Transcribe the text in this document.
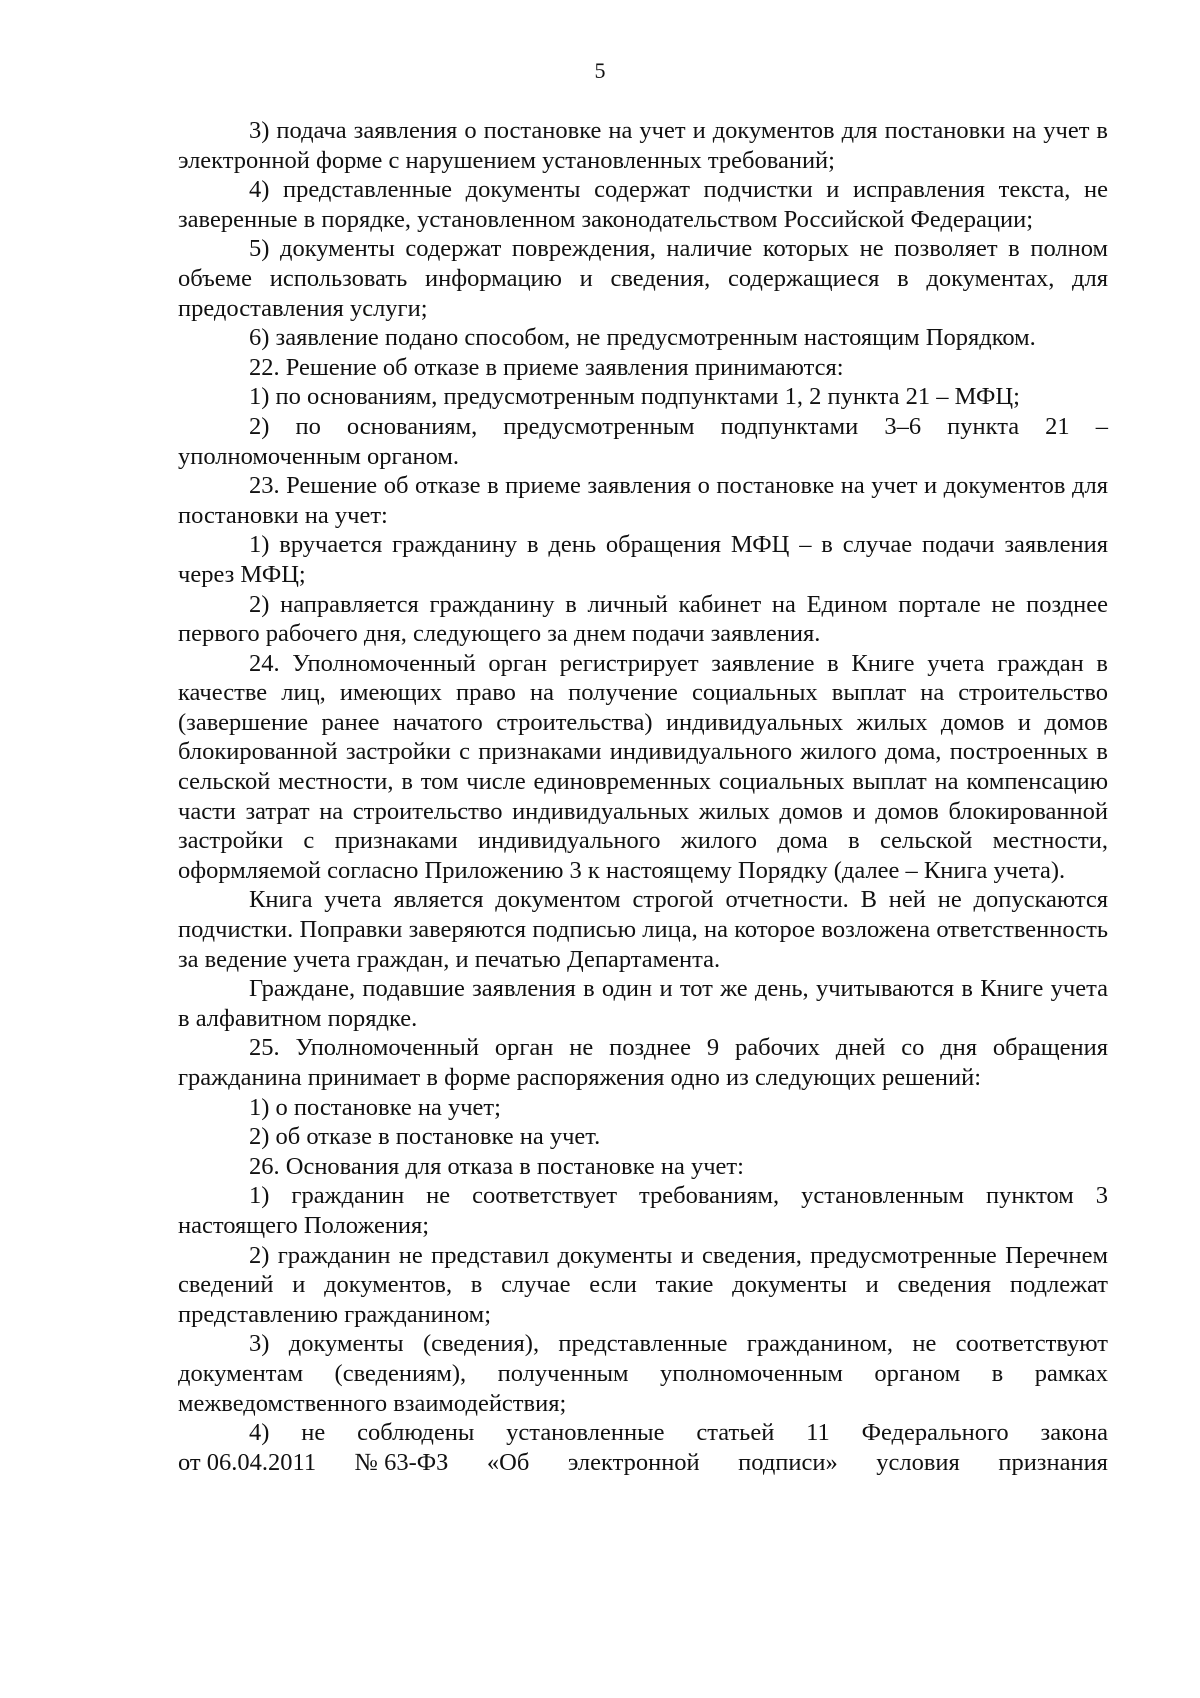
5

3) подача заявления о постановке на учет и документов для постановки на учет в электронной форме с нарушением установленных требований;

4) представленные документы содержат подчистки и исправления текста, не заверенные в порядке, установленном законодательством Российской Федерации;

5) документы содержат повреждения, наличие которых не позволяет в полном объеме использовать информацию и сведения, содержащиеся в документах, для предоставления услуги;

6) заявление подано способом, не предусмотренным настоящим Порядком.

22. Решение об отказе в приеме заявления принимаются:

1) по основаниям, предусмотренным подпунктами 1, 2 пункта 21 – МФЦ;

2) по основаниям, предусмотренным подпунктами 3–6 пункта 21 – уполномоченным органом.

23. Решение об отказе в приеме заявления о постановке на учет и документов для постановки на учет:

1) вручается гражданину в день обращения МФЦ – в случае подачи заявления через МФЦ;

2) направляется гражданину в личный кабинет на Едином портале не позднее первого рабочего дня, следующего за днем подачи заявления.

24. Уполномоченный орган регистрирует заявление в Книге учета граждан в качестве лиц, имеющих право на получение социальных выплат на строительство (завершение ранее начатого строительства) индивидуальных жилых домов и домов блокированной застройки с признаками индивидуального жилого дома, построенных в сельской местности, в том числе единовременных социальных выплат на компенсацию части затрат на строительство индивидуальных жилых домов и домов блокированной застройки с признаками индивидуального жилого дома в сельской местности, оформляемой согласно Приложению 3 к настоящему Порядку (далее – Книга учета).

Книга учета является документом строгой отчетности. В ней не допускаются подчистки. Поправки заверяются подписью лица, на которое возложена ответственность за ведение учета граждан, и печатью Департамента.

Граждане, подавшие заявления в один и тот же день, учитываются в Книге учета в алфавитном порядке.

25. Уполномоченный орган не позднее 9 рабочих дней со дня обращения гражданина принимает в форме распоряжения одно из следующих решений:

1) о постановке на учет;

2) об отказе в постановке на учет.

26. Основания для отказа в постановке на учет:

1) гражданин не соответствует требованиям, установленным пунктом 3 настоящего Положения;

2) гражданин не представил документы и сведения, предусмотренные Перечнем сведений и документов, в случае если такие документы и сведения подлежат представлению гражданином;

3) документы (сведения), представленные гражданином, не соответствуют документам (сведениям), полученным уполномоченным органом в рамках межведомственного взаимодействия;

4) не соблюдены установленные статьей 11 Федерального закона

от 06.04.2011 № 63-ФЗ «Об электронной подписи» условия признания
